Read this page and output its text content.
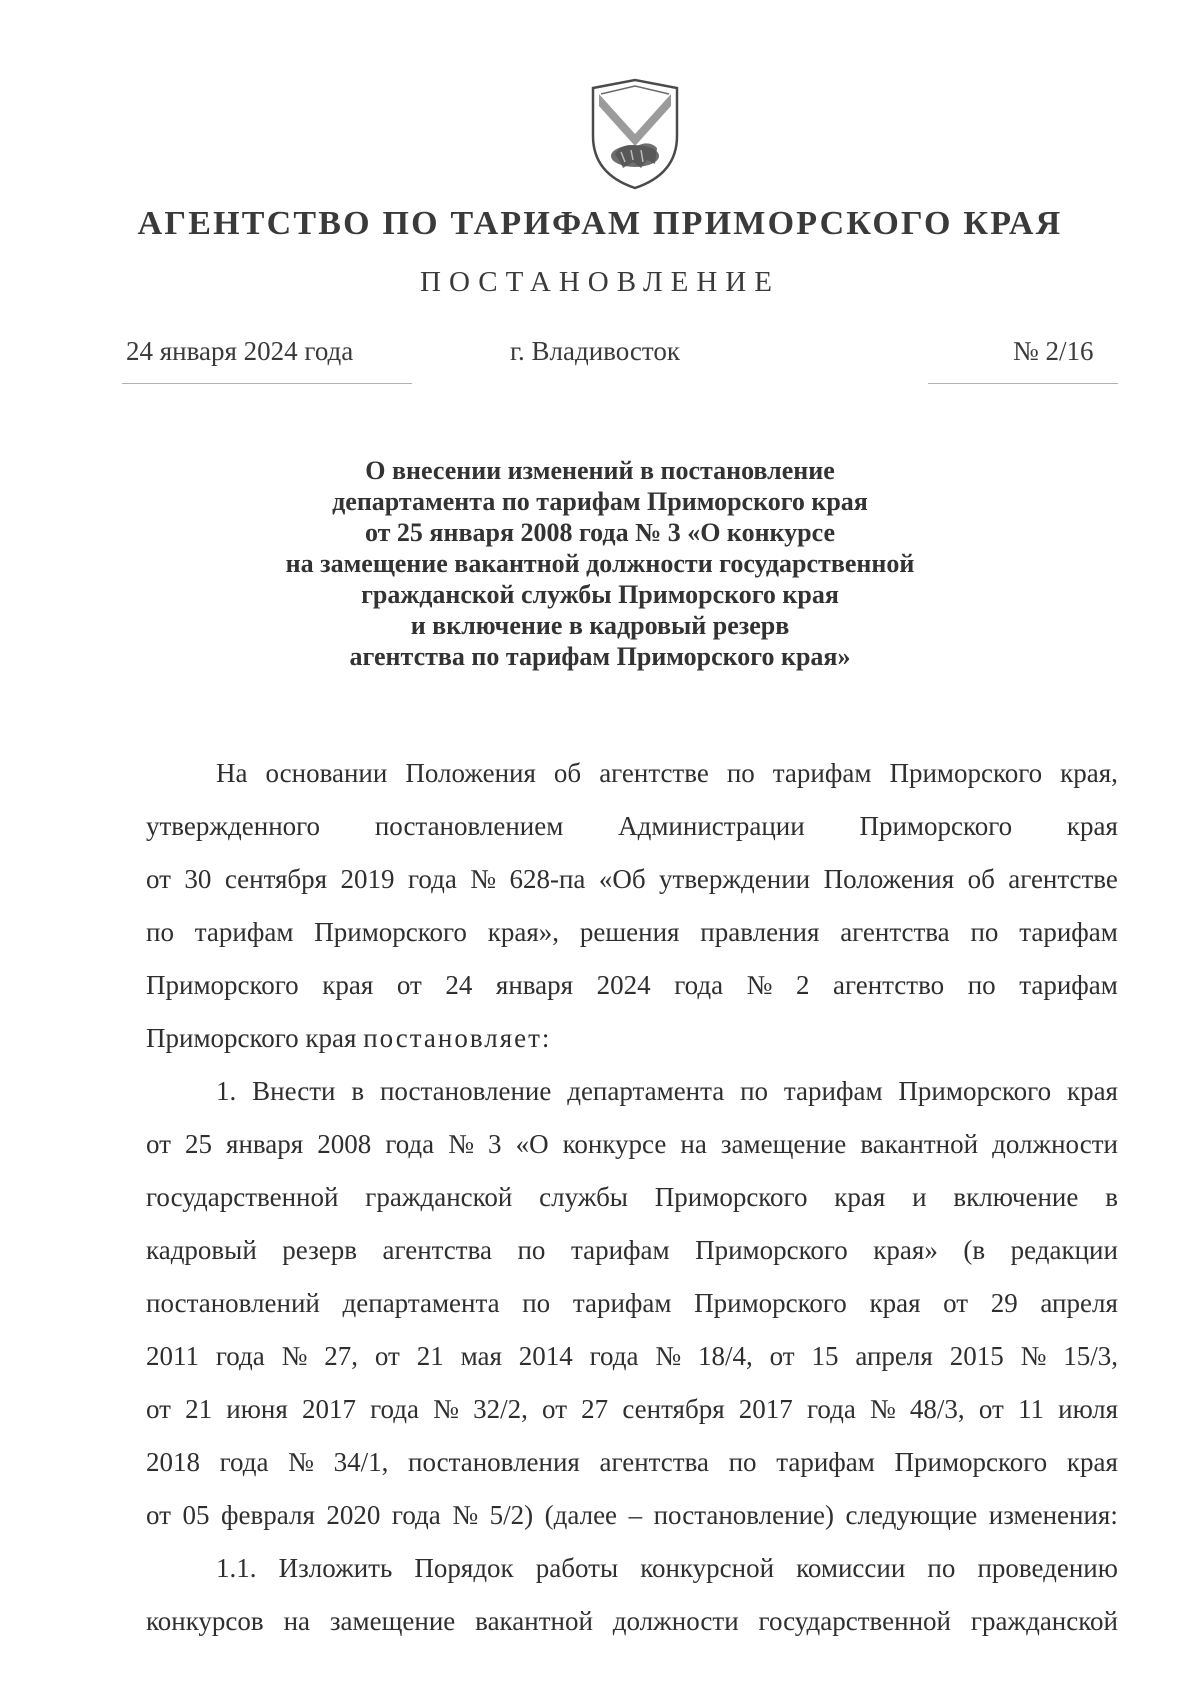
АГЕНТСТВО ПО ТАРИФАМ ПРИМОРСКОГО КРАЯ
ПОСТАНОВЛЕНИЕ
24 января 2024 года	г. Владивосток	№ 2/16
О внесении изменений в постановление
департамента по тарифам Приморского края
от 25 января 2008 года № 3 «О конкурсе
на замещение вакантной должности государственной
гражданской службы Приморского края
и включение в кадровый резерв
агентства по тарифам Приморского края»
На основании Положения об агентстве по тарифам Приморского края,
утвержденного постановлением Администрации Приморского края
от 30 сентября 2019 года № 628-па «Об утверждении Положения об агентстве
по тарифам Приморского края», решения правления агентства по тарифам
Приморского края от 24 января 2024 года № 2 агентство по тарифам
Приморского края постановляет:
1. Внести в постановление департамента по тарифам Приморского края
от 25 января 2008 года № 3 «О конкурсе на замещение вакантной должности
государственной гражданской службы Приморского края и включение в
кадровый резерв агентства по тарифам Приморского края» (в редакции
постановлений департамента по тарифам Приморского края от 29 апреля
2011 года № 27, от 21 мая 2014 года № 18/4, от 15 апреля 2015 № 15/3,
от 21 июня 2017 года № 32/2, от 27 сентября 2017 года № 48/3, от 11 июля
2018 года № 34/1, постановления агентства по тарифам Приморского края
от 05 февраля 2020 года № 5/2) (далее – постановление) следующие изменения:
1.1. Изложить Порядок работы конкурсной комиссии по проведению
конкурсов на замещение вакантной должности государственной гражданской
